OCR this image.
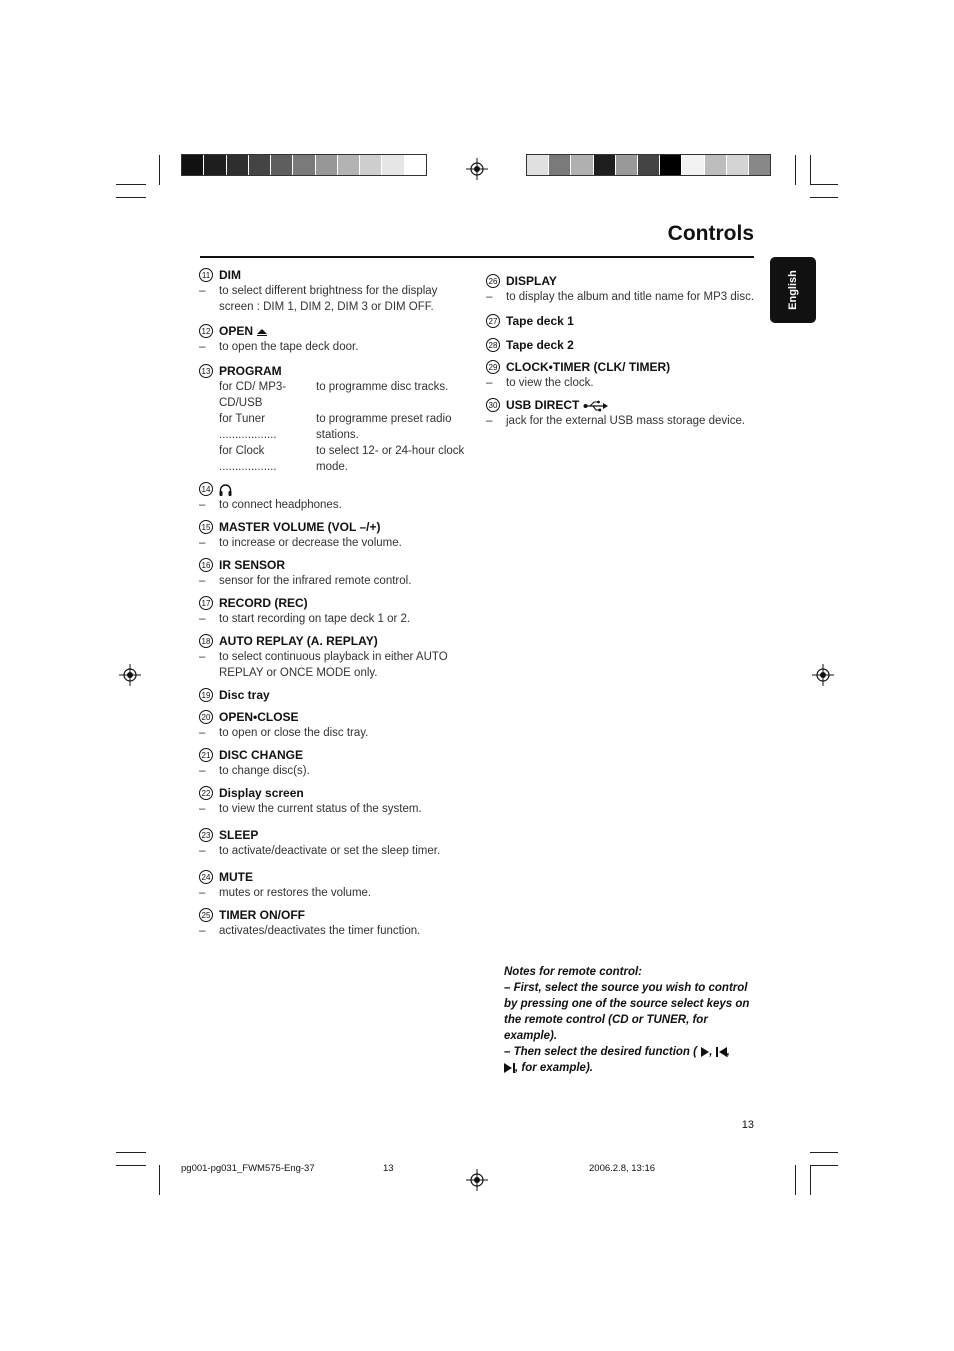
Controls
English
11 DIM
– to select different brightness for the display screen : DIM 1, DIM 2, DIM 3 or DIM OFF.
12 OPEN
– to open the tape deck door.
13 PROGRAM
for CD/ MP3-CD/USB
to programme disc tracks.
for Tuner ..................
to programme preset radio stations.
for Clock ..................
to select 12- or 24-hour clock mode.
14
– to connect headphones.
15 MASTER VOLUME (VOL –/+)
– to increase or decrease the volume.
16 IR SENSOR
– sensor for the infrared remote control.
17 RECORD (REC)
– to start recording on tape deck 1 or 2.
18 AUTO REPLAY (A. REPLAY)
– to select continuous playback in either AUTO REPLAY or ONCE MODE only.
19 Disc tray
20 OPEN•CLOSE
– to open or close the disc tray.
21 DISC CHANGE
– to change disc(s).
22 Display screen
– to view the current status of the system.
23 SLEEP
– to activate/deactivate or set the sleep timer.
24 MUTE
– mutes or restores the volume.
25 TIMER ON/OFF
– activates/deactivates the timer function.
26 DISPLAY
– to display the album and title name for MP3 disc.
27 Tape deck 1
28 Tape deck 2
29 CLOCK•TIMER (CLK/ TIMER)
– to view the clock.
30 USB DIRECT
– jack for the external USB mass storage device.
Notes for remote control:
– First, select the source you wish to control by pressing one of the source select keys on the remote control (CD or TUNER, for example).
– Then select the desired function ( , ,
, for example).
13
pg001-pg031_FWM575-Eng-37	13	2006.2.8, 13:16
